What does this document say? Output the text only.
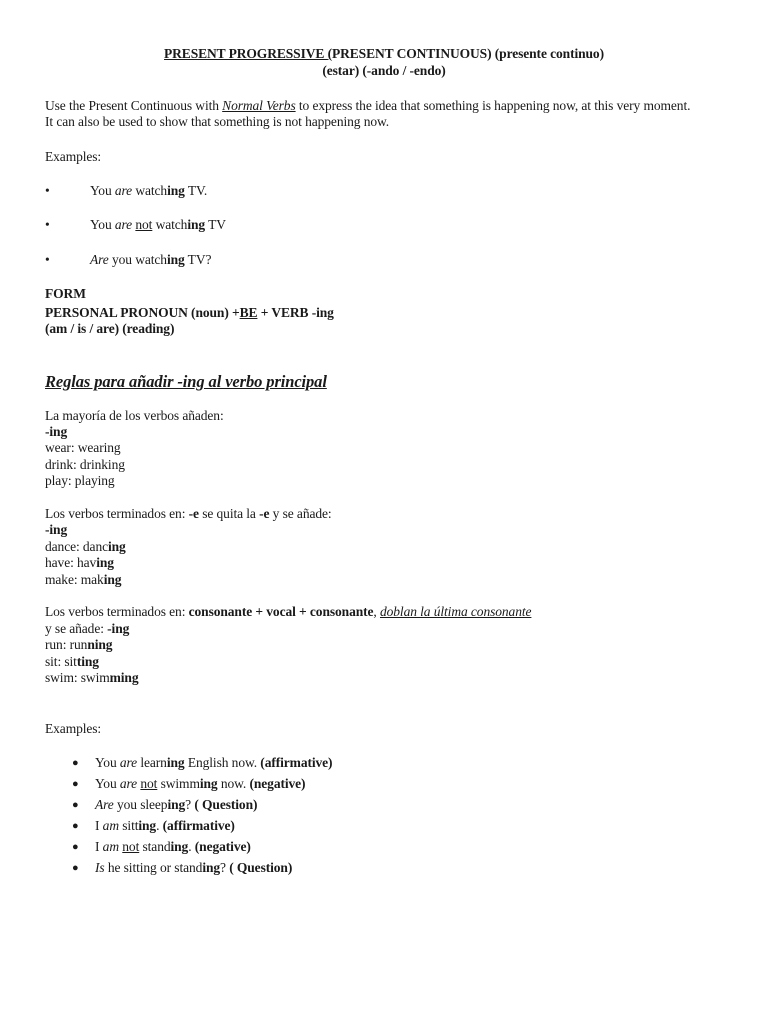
PRESENT PROGRESSIVE (PRESENT CONTINUOUS) (presente continuo)
(estar) (-ando / -endo)
Use the Present Continuous with Normal Verbs to express the idea that something is happening now, at this very moment.
It can also be used to show that something is not happening now.
Examples:
•	You are watching TV.
•	You are not watching TV
•	Are you watching TV?
FORM
PERSONAL PRONOUN (noun) +BE + VERB -ing
(am / is / are) (reading)
Reglas para añadir -ing al verbo principal
La mayoría de los verbos añaden:
-ing
wear: wearing
drink: drinking
play: playing
Los verbos terminados en: -e se quita la -e y se añade:
-ing
dance: dancing
have: having
make: making
Los verbos terminados en: consonante + vocal + consonante, doblan la última consonante
y se añade: -ing
run: running
sit: sitting
swim: swimming
Examples:
● You are learning English now. (affirmative)
● You are not swimming now. (negative)
● Are you sleeping? ( Question)
● I am sitting. (affirmative)
● I am not standing. (negative)
● Is he sitting or standing? ( Question)
